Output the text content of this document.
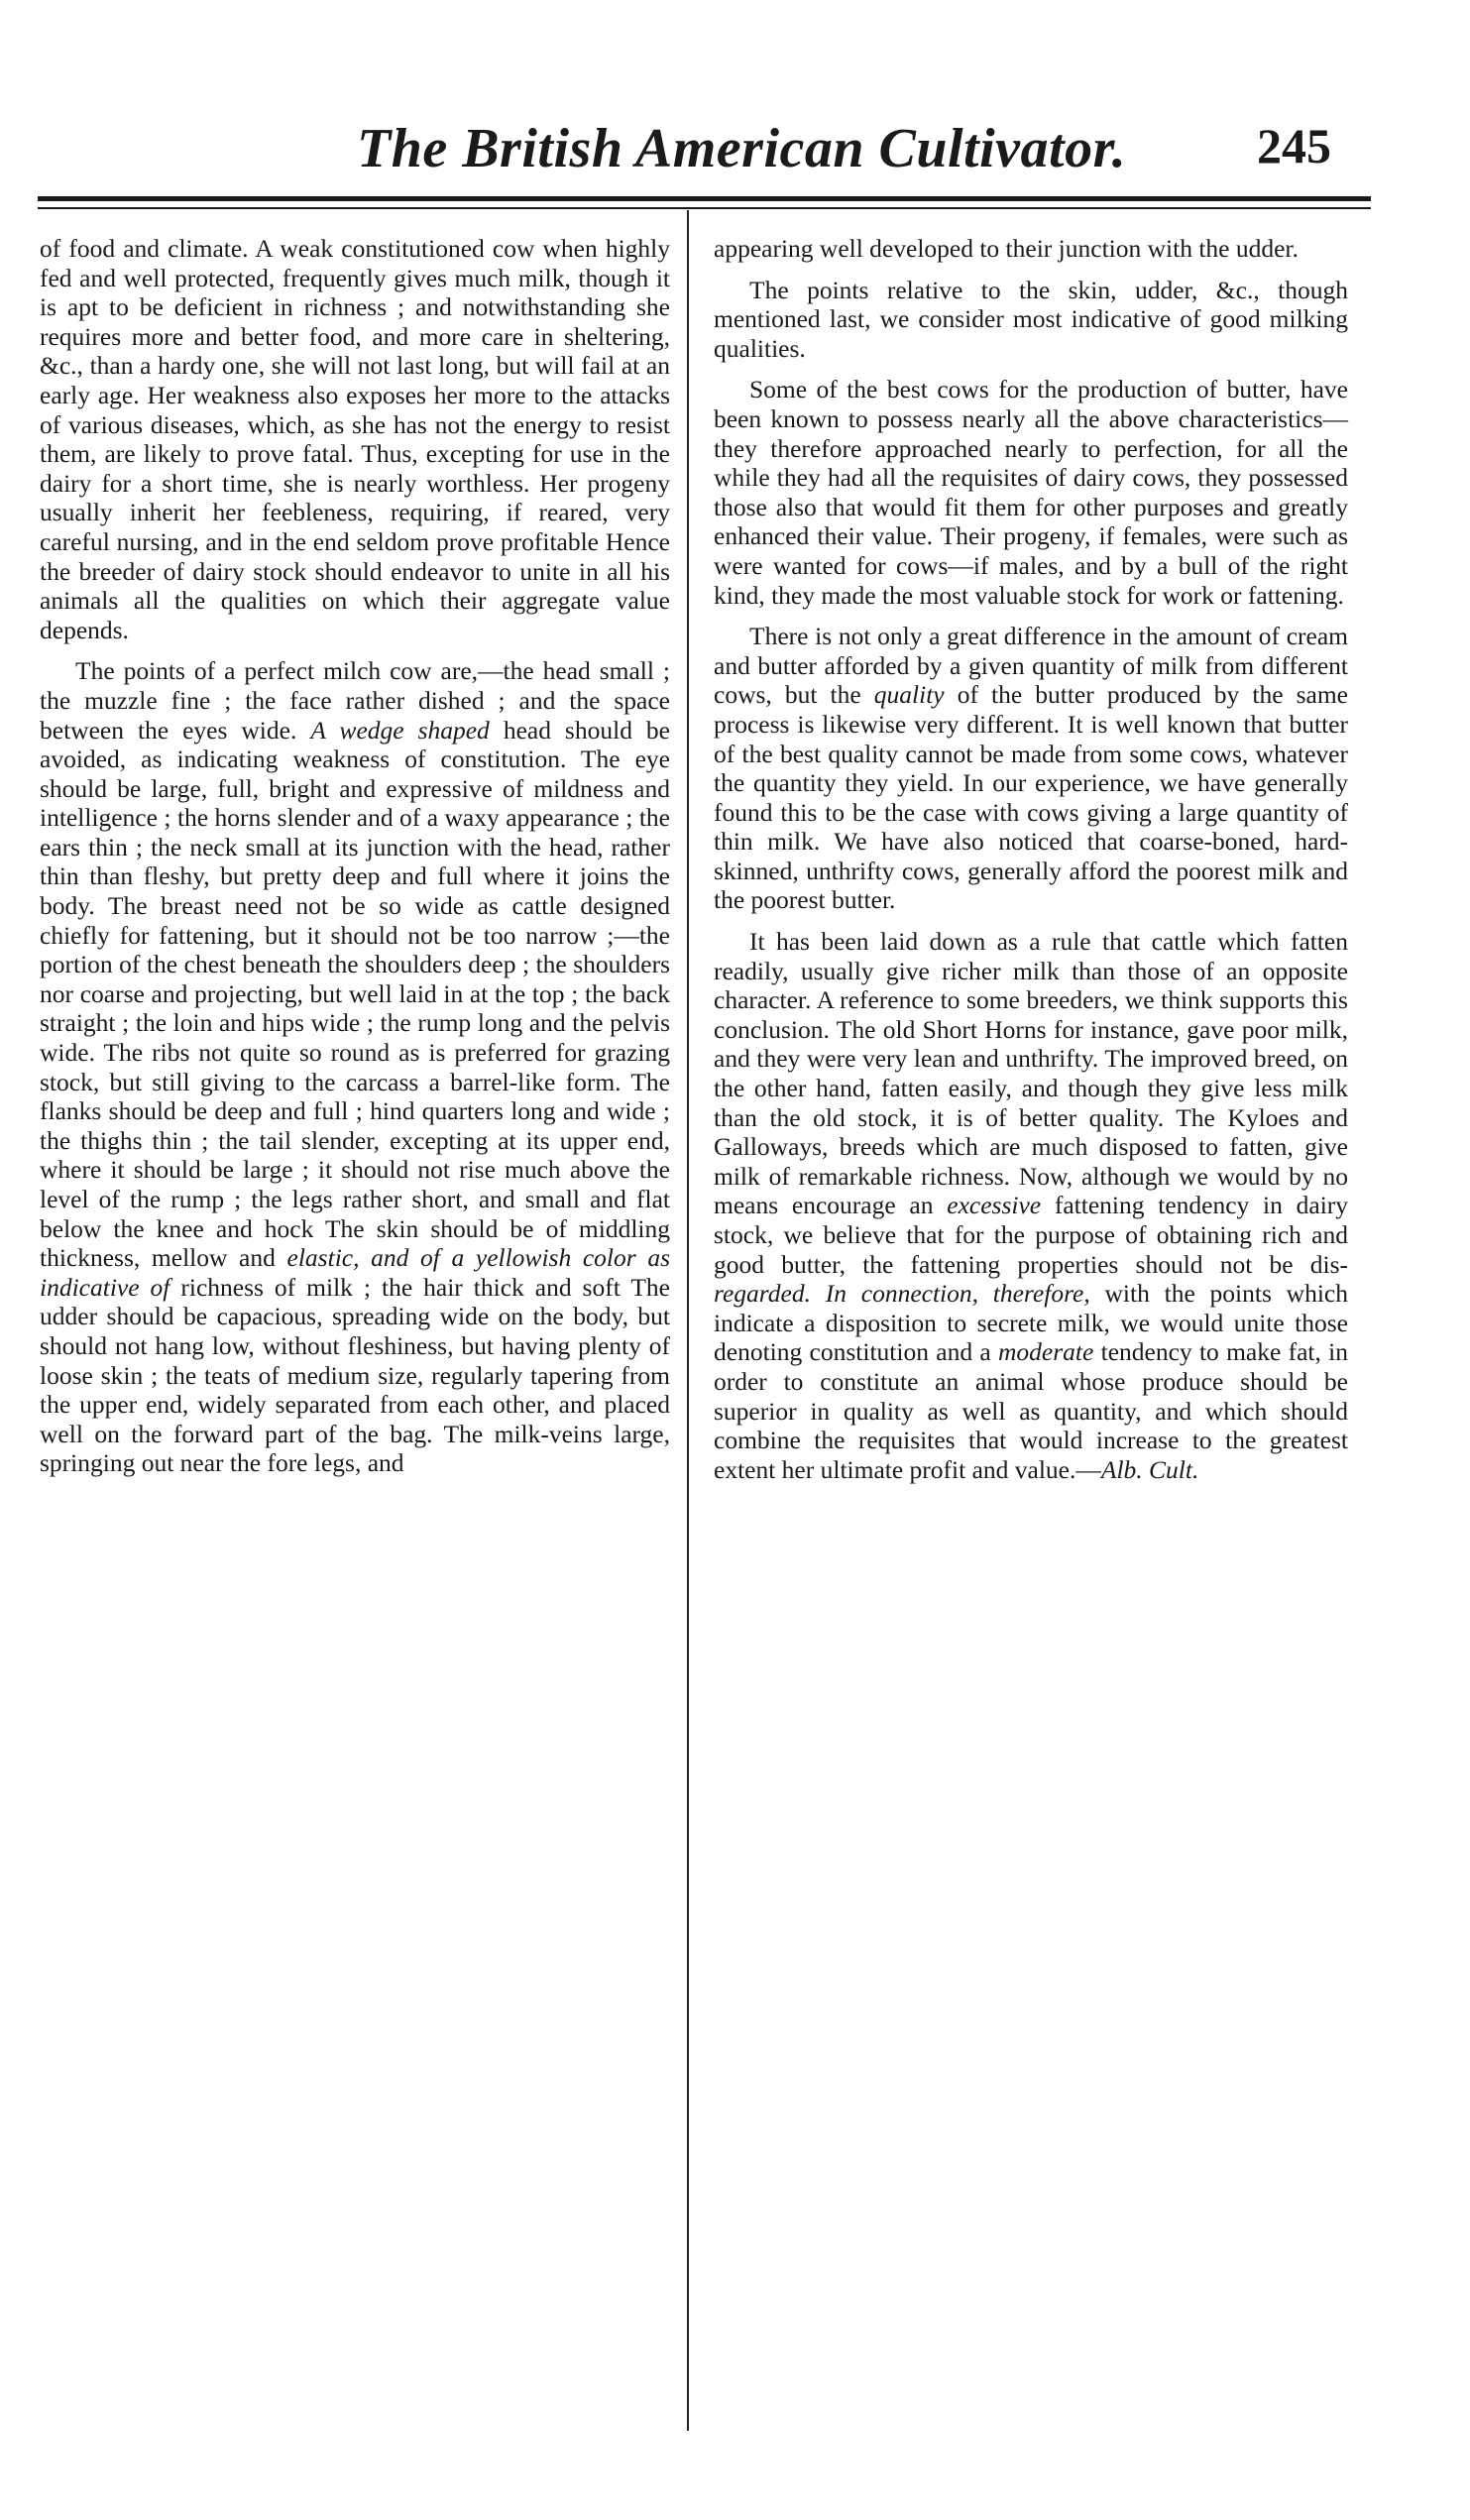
The British American Cultivator.	245

of food and climate. A weak constitutioned cow when highly fed and well protected, frequently gives much milk, though it is apt to be deficient in richness ; and notwithstanding she requires more and better food, and more care in sheltering, &c., than a hardy one, she will not last long, but will fail at an early age. Her weakness also exposes her more to the attacks of various diseases, which, as she has not the energy to resist them, are likely to prove fatal. Thus, excepting for use in the dairy for a short time, she is nearly worthless. Her progeny usually inherit her feebleness, requiring, if reared, very careful nursing, and in the end seldom prove profitable Hence the breeder of dairy stock should endeavor to unite in all his animals all the qualities on which their aggregate value depends.

The points of a perfect milch cow are,—the head small ; the muzzle fine ; the face rather dished ; and the space between the eyes wide. A wedge shaped head should be avoided, as indicating weakness of constitution. The eye should be large, full, bright and expressive of mildness and intelligence ; the horns slender and of a waxy appearance ; the ears thin ; the neck small at its junction with the head, rather thin than fleshy, but pretty deep and full where it joins the body. The breast need not be so wide as cattle designed chiefly for fattening, but it should not be too narrow ;—the portion of the chest beneath the shoulders deep ; the shoulders nor coarse and projecting, but well laid in at the top ; the back straight ; the loin and hips wide ; the rump long and the pelvis wide. The ribs not quite so round as is preferred for grazing stock, but still giving to the carcass a barrel-like form. The flanks should be deep and full ; hind quarters long and wide ; the thighs thin ; the tail slender, excepting at its upper end, where it should be large ; it should not rise much above the level of the rump ; the legs rather short, and small and flat below the knee and hock The skin should be of middling thickness, mellow and elastic, and of a yellowish color as indicative of richness of milk ; the hair thick and soft The udder should be capacious, spreading wide on the body, but should not hang low, without fleshiness, but having plenty of loose skin ; the teats of medium size, regularly tapering from the upper end, widely separated from each other, and placed well on the forward part of the bag. The milk-veins large, springing out near the fore legs, and

appearing well developed to their junction with the udder.

The points relative to the skin, udder, &c., though mentioned last, we consider most indicative of good milking qualities.

Some of the best cows for the production of butter, have been known to possess nearly all the above characteristics—they therefore approached nearly to perfection, for all the while they had all the requisites of dairy cows, they possessed those also that would fit them for other purposes and greatly enhanced their value. Their progeny, if females, were such as were wanted for cows—if males, and by a bull of the right kind, they made the most valuable stock for work or fattening.

There is not only a great difference in the amount of cream and butter afforded by a given quantity of milk from different cows, but the quality of the butter produced by the same process is likewise very different. It is well known that butter of the best quality cannot be made from some cows, whatever the quantity they yield. In our experience, we have generally found this to be the case with cows giving a large quantity of thin milk. We have also noticed that coarse-boned, hard-skinned, unthrifty cows, generally afford the poorest milk and the poorest butter.

It has been laid down as a rule that cattle which fatten readily, usually give richer milk than those of an opposite character. A reference to some breeders, we think supports this conclusion. The old Short Horns for instance, gave poor milk, and they were very lean and unthrifty. The improved breed, on the other hand, fatten easily, and though they give less milk than the old stock, it is of better quality. The Kyloes and Galloways, breeds which are much disposed to fatten, give milk of remarkable richness. Now, although we would by no means encourage an excessive fattening tendency in dairy stock, we believe that for the purpose of obtaining rich and good butter, the fattening properties should not be dis-regarded. In connection, therefore, with the points which indicate a disposition to secrete milk, we would unite those denoting constitution and a moderate tendency to make fat, in order to constitute an animal whose produce should be superior in quality as well as quantity, and which should combine the requisites that would increase to the greatest extent her ultimate profit and value.—Alb. Cult.
